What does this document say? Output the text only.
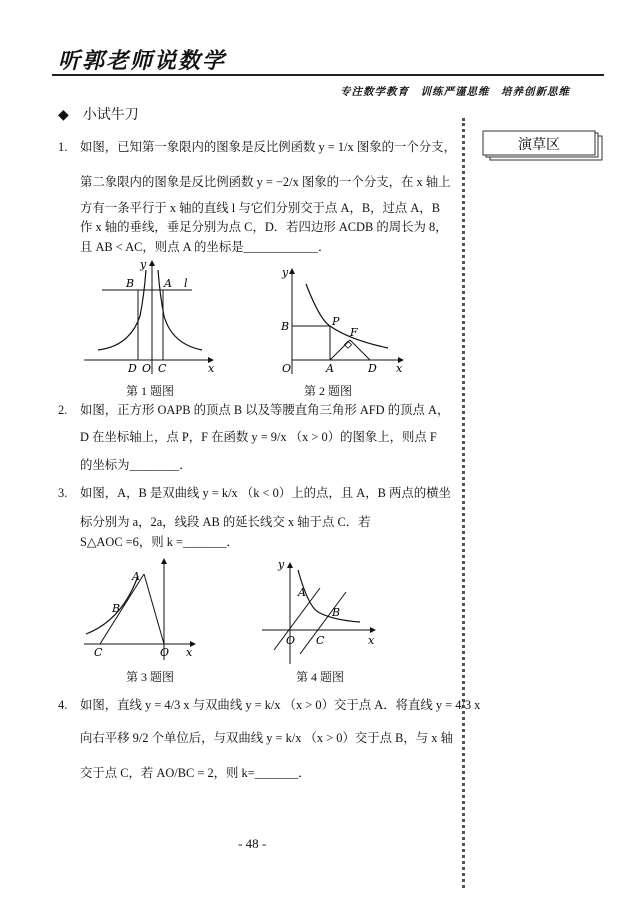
听郭老师说数学
专注数学教育　训练严谨思维　培养创新思维
演草区
◆　小试牛刀
1. 如图，已知第一象限内的图象是反比例函数 y = 1/x 图象的一个分支，
第二象限内的图象是反比例函数 y = −2/x 图象的一个分支，在 x 轴上
方有一条平行于 x 轴的直线 l 与它们分别交于点 A，B，过点 A，B
作 x 轴的垂线，垂足分别为点 C，D．若四边形 ACDB 的周长为 8，
且 AB < AC，则点 A 的坐标是____________．
y
B	A l
D O C	x
第 1 题图
y
B	P
F
O	A	D x
第 2 题图
2. 如图，正方形 OAPB 的顶点 B 以及等腰直角三角形 AFD 的顶点 A，
D 在坐标轴上，点 P，F 在函数 y = 9/x （x > 0）的图象上，则点 F
的坐标为________．
3. 如图，A，B 是双曲线 y = k/x （k < 0）上的点，且 A，B 两点的横坐
标分别为 a，2a，线段 AB 的延长线交 x 轴于点 C．若
S△AOC =6，则 k =_______．
A
B
C	O x
第 3 题图
y
A
B
O C	x
第 4 题图
4. 如图，直线 y = 4/3 x 与双曲线 y = k/x （x > 0）交于点 A．将直线 y = 4/3 x
向右平移 9/2 个单位后，与双曲线 y = k/x （x > 0）交于点 B，与 x 轴
交于点 C，若 AO/BC = 2，则 k=_______．
- 48 -
